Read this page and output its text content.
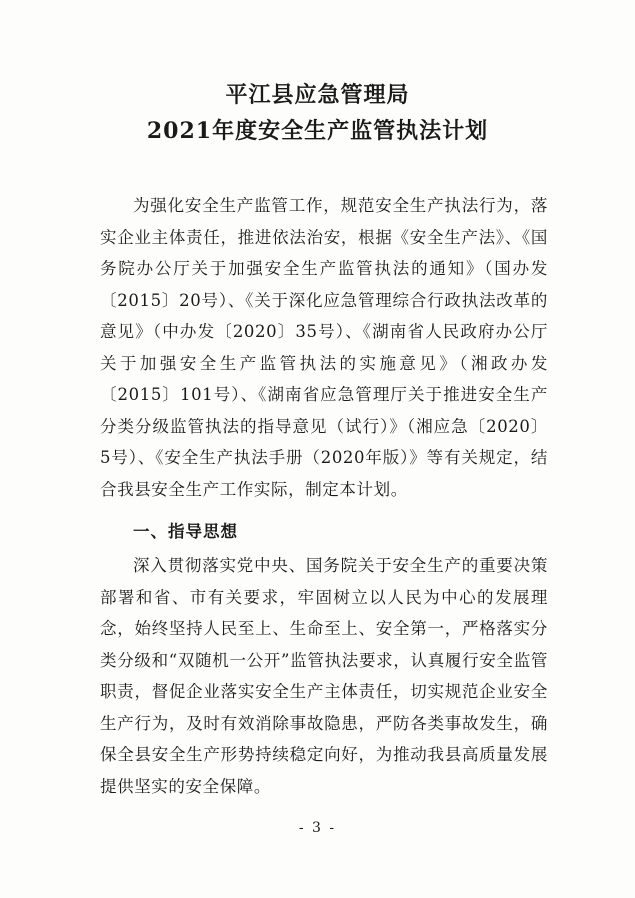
平江县应急管理局
2021年度安全生产监管执法计划

为强化安全生产监管工作，规范安全生产执法行为，落实企业主体责任，推进依法治安，根据《安全生产法》、《国务院办公厅关于加强安全生产监管执法的通知》（国办发〔2015〕20号）、《关于深化应急管理综合行政执法改革的意见》（中办发〔2020〕35号）、《湖南省人民政府办公厅关于加强安全生产监管执法的实施意见》（湘政办发〔2015〕101号）、《湖南省应急管理厅关于推进安全生产分类分级监管执法的指导意见（试行）》（湘应急〔2020〕5号）、《安全生产执法手册（2020年版）》等有关规定，结合我县安全生产工作实际，制定本计划。

一、指导思想

深入贯彻落实党中央、国务院关于安全生产的重要决策部署和省、市有关要求，牢固树立以人民为中心的发展理念，始终坚持人民至上、生命至上、安全第一，严格落实分类分级和“双随机一公开”监管执法要求，认真履行安全监管职责，督促企业落实安全生产主体责任，切实规范企业安全生产行为，及时有效消除事故隐患，严防各类事故发生，确保全县安全生产形势持续稳定向好，为推动我县高质量发展提供坚实的安全保障。

- 3 -
